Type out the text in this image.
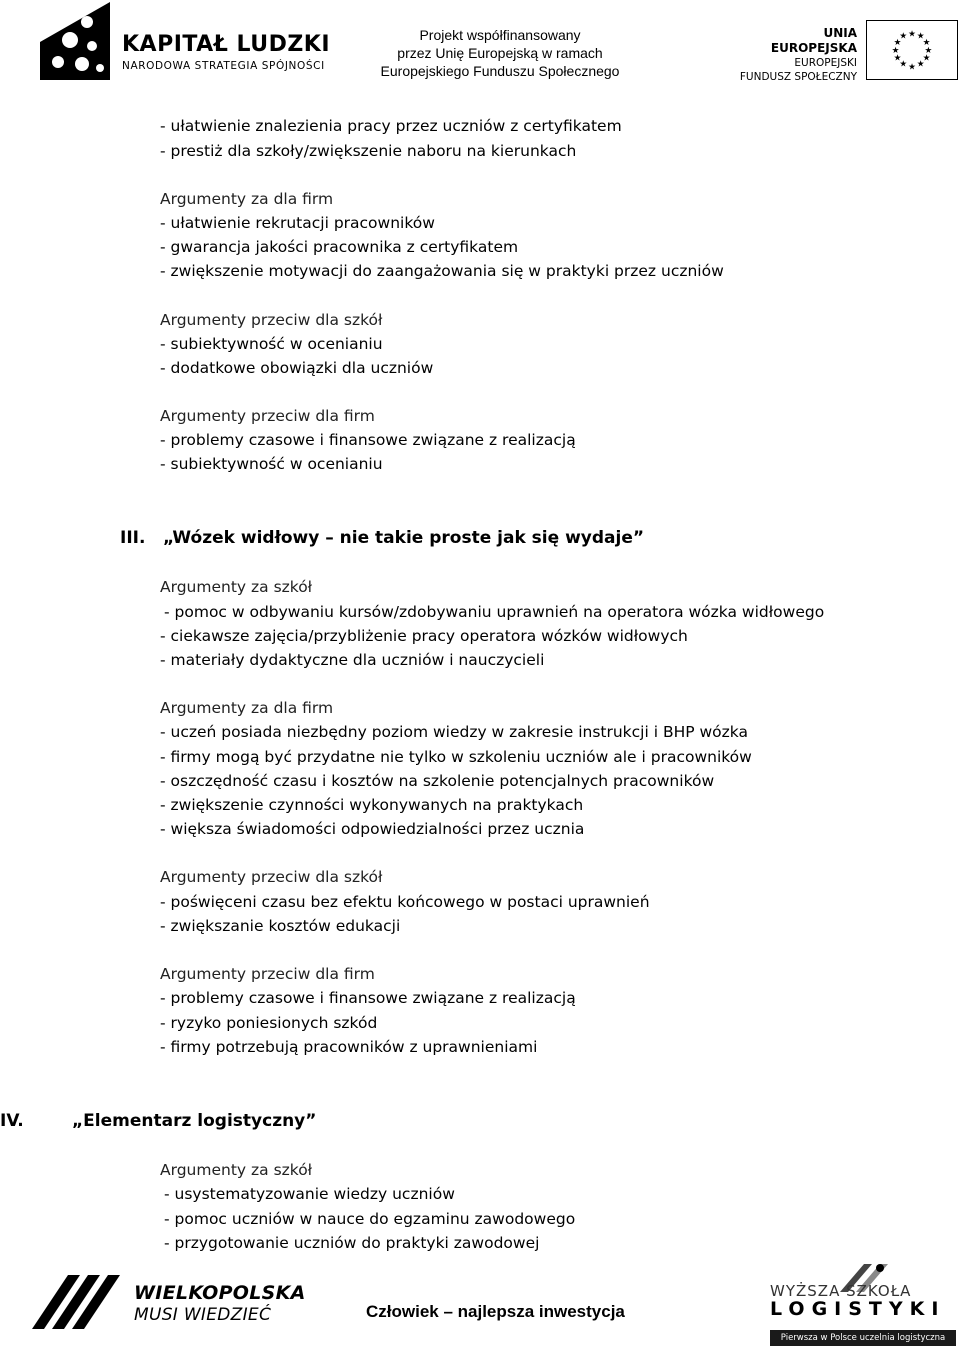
KAPITAŁ LUDZKI
NARODOWA STRATEGIA SPÓJNOŚCI
Projekt współfinansowany
przez Unię Europejską w ramach
Europejskiego Funduszu Społecznego
UNIA EUROPEJSKA
EUROPEJSKI
FUNDUSZ SPOŁECZNY
★ ★
★
★
★
★
★
★
★
★
★
★
- ułatwienie znalezienia pracy przez uczniów z certyfikatem
- prestiż dla szkoły/zwiększenie naboru na kierunkach
Argumenty za dla firm
- ułatwienie rekrutacji pracowników
- gwarancja jakości pracownika z certyfikatem
- zwiększenie motywacji do zaangażowania się w praktyki przez uczniów
Argumenty przeciw dla szkół
- subiektywność w ocenianiu
- dodatkowe obowiązki dla uczniów
Argumenty przeciw dla firm
- problemy czasowe i finansowe związane z realizacją
- subiektywność w ocenianiu
III. „Wózek widłowy – nie takie proste jak się wydaje”
Argumenty za szkół
- pomoc w odbywaniu kursów/zdobywaniu uprawnień na operatora wózka widłowego
- ciekawsze zajęcia/przybliżenie pracy operatora wózków widłowych
- materiały dydaktyczne dla uczniów i nauczycieli
Argumenty za dla firm
- uczeń posiada niezbędny poziom wiedzy w zakresie instrukcji i BHP wózka
- firmy mogą być przydatne nie tylko w szkoleniu uczniów ale i pracowników
- oszczędność czasu i kosztów na szkolenie potencjalnych pracowników
- zwiększenie czynności wykonywanych na praktykach
- większa świadomości odpowiedzialności przez ucznia
Argumenty przeciw dla szkół
- poświęceni czasu bez efektu końcowego w postaci uprawnień
- zwiększanie kosztów edukacji
Argumenty przeciw dla firm
- problemy czasowe i finansowe związane z realizacją
- ryzyko poniesionych szkód
- firmy potrzebują pracowników z uprawnieniami
IV.	„Elementarz logistyczny”
Argumenty za szkół
- usystematyzowanie wiedzy uczniów
- pomoc uczniów w nauce do egzaminu zawodowego
- przygotowanie uczniów do praktyki zawodowej
WIELKOPOLSKA
MUSI WIEDZIEĆ	Człowiek – najlepsza inwestycja
WYŻSZA SZKOŁA
LOGISTYKI
Pierwsza w Polsce uczelnia logistyczna
